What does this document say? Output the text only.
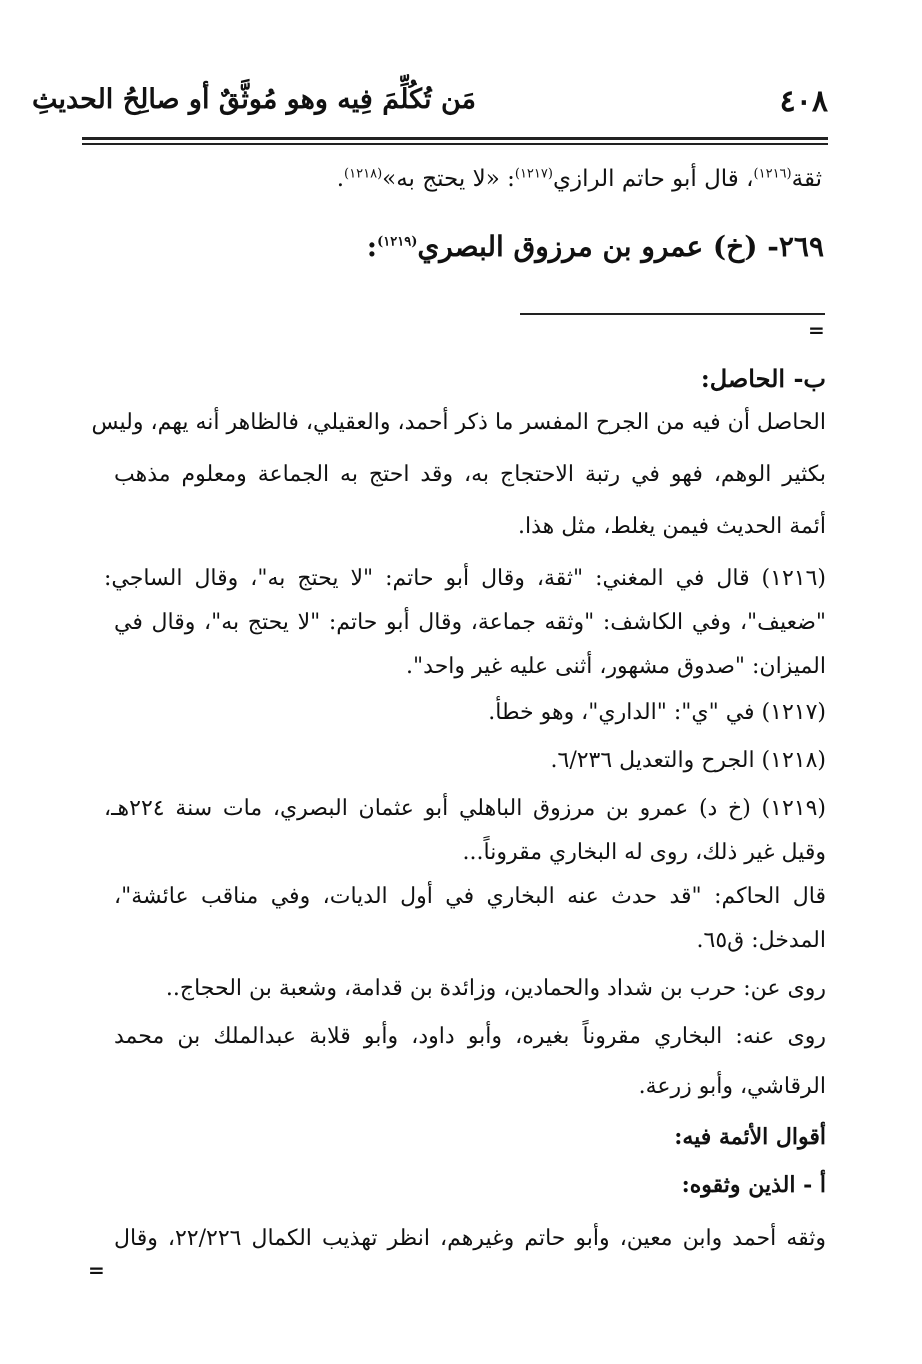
٤٠٨
مَن تُكُلِّمَ فِيه وهو مُوثَّقٌ أو صالِحُ الحديثِ
ثقة$^{(١٢١٦)}$، قال أبو حاتم الرازي$^{(١٢١٧)}$: «لا يحتج به»$^{(١٢١٨)}$.
٢٦٩- (خ) عمرو بن مرزوق البصري$^{(١٢١٩)}$:
=
ب- الحاصل:
الحاصل أن فيه من الجرح المفسر ما ذكر أحمد، والعقيلي، فالظاهر أنه يهم، وليس
بكثير الوهم، فهو في رتبة الاحتجاج به، وقد احتج به الجماعة ومعلوم مذهب
أئمة الحديث فيمن يغلط، مثل هذا.
(١٢١٦) قال في المغني: "ثقة، وقال أبو حاتم: "لا يحتج به"، وقال الساجي:
"ضعيف"، وفي الكاشف: "وثقه جماعة، وقال أبو حاتم: "لا يحتج به"، وقال في
الميزان: "صدوق مشهور، أثنى عليه غير واحد".
(١٢١٧) في "ي": "الداري"، وهو خطأ.
(١٢١٨) الجرح والتعديل ٦/٢٣٦.
(١٢١٩) (خ د) عمرو بن مرزوق الباهلي أبو عثمان البصري، مات سنة ٢٢٤هـ،
وقيل غير ذلك، روى له البخاري مقروناً...
قال الحاكم: "قد حدث عنه البخاري في أول الديات، وفي مناقب عائشة"،
المدخل: ق٦٥.
روى عن: حرب بن شداد والحمادين، وزائدة بن قدامة، وشعبة بن الحجاج..
روى عنه: البخاري مقروناً بغيره، وأبو داود، وأبو قلابة عبدالملك بن محمد
الرقاشي، وأبو زرعة.
أقوال الأئمة فيه:
أ - الذين وثقوه:
وثقه أحمد وابن معين، وأبو حاتم وغيرهم، انظر تهذيب الكمال ٢٢/٢٢٦، وقال
=
